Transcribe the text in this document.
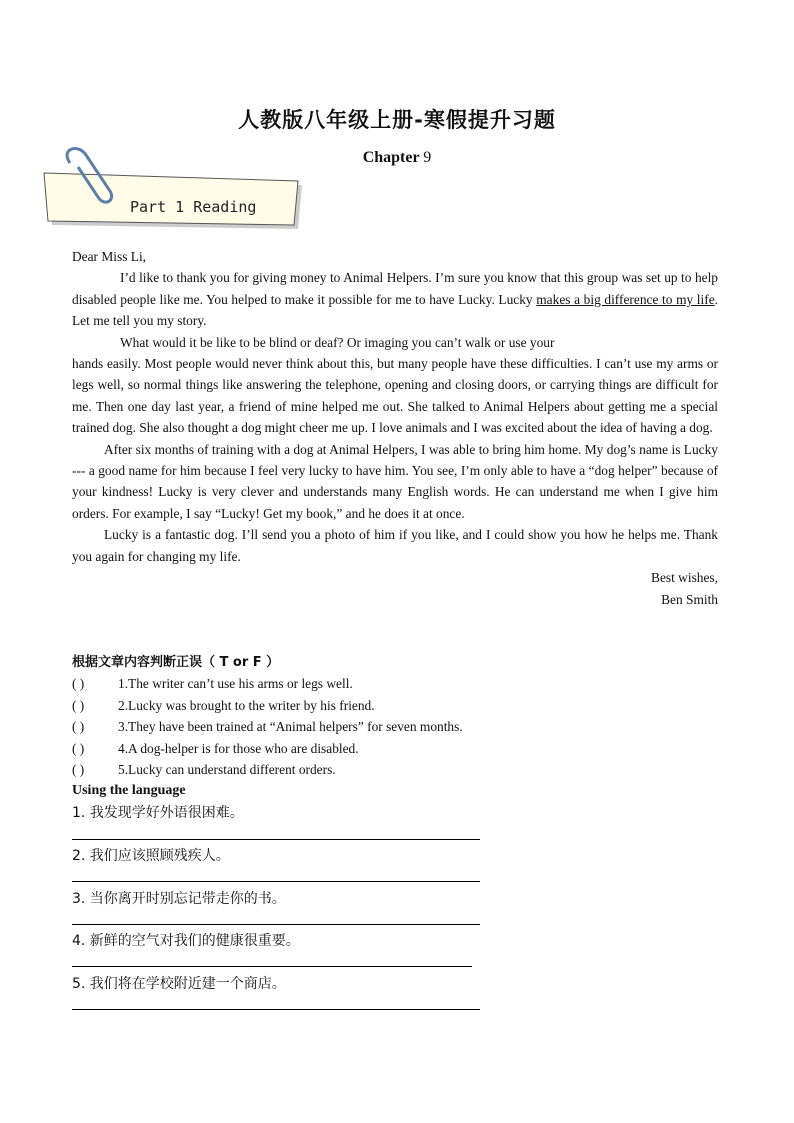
人教版八年级上册-寒假提升习题
Chapter 9
Part 1 Reading

Dear Miss Li,

I’d like to thank you for giving money to Animal Helpers. I’m sure you know that this group was set up to help disabled people like me. You helped to make it possible for me to have Lucky. Lucky makes a big difference to my life. Let me tell you my story.

What would it be like to be blind or deaf? Or imaging you can’t walk or use your

hands easily. Most people would never think about this, but many people have these difficulties. I can’t use my arms or legs well, so normal things like answering the telephone, opening and closing doors, or carrying things are difficult for me. Then one day last year, a friend of mine helped me out. She talked to Animal Helpers about getting me a special trained dog. She also thought a dog might cheer me up. I love animals and I was excited about the idea of having a dog.

After six months of training with a dog at Animal Helpers, I was able to bring him home. My dog’s name is Lucky --- a good name for him because I feel very lucky to have him. You see, I’m only able to have a “dog helper” because of your kindness! Lucky is very clever and understands many English words. He can understand me when I give him orders. For example, I say “Lucky! Get my book,” and he does it at once.

Lucky is a fantastic dog. I’ll send you a photo of him if you like, and I could show you how he helps me. Thank you again for changing my life.

Best wishes,

Ben Smith

根据文章内容判断正误（ T or F ）
( )	1.The writer can’t use his arms or legs well.
( )	2.Lucky was brought to the writer by his friend.
( )	3.They have been trained at “Animal helpers” for seven months.
( )	4.A dog-helper is for those who are disabled.
( )	5.Lucky can understand different orders.
Using the language
1. 我发现学好外语很困难。
2. 我们应该照顾残疾人。
3. 当你离开时别忘记带走你的书。
4. 新鲜的空气对我们的健康很重要。
5. 我们将在学校附近建一个商店。
